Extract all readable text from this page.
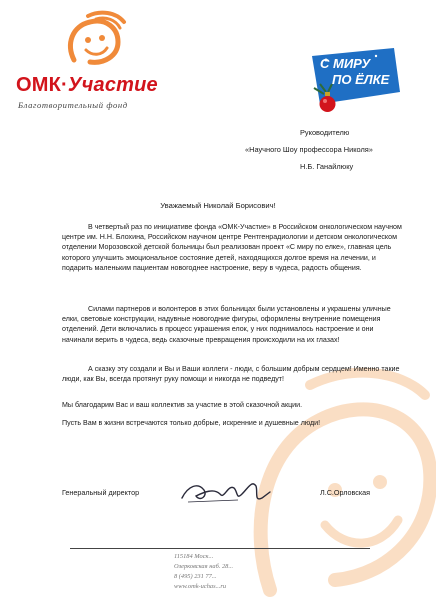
ОМК·Участие
Благотворительный фонд
С МИРУ
ПО ЁЛКЕ
Руководителю
«Научного Шоу профессора Николя»
Н.Б. Ганайлюку
Уважаемый Николай Борисович!

В четвертый раз по инициативе фонда «ОМК-Участие» в Российском онкологическом научном центре им. Н.Н. Блохина, Российском научном центре Рентгенрадиологии и детском онкологическом отделении Морозовской детской больницы был реализован проект «С миру по елке», главная цель которого улучшить эмоциональное состояние детей, находящихся долгое время на лечении, и подарить маленьким пациентам новогоднее настроение, веру в чудеса, радость общения.

Силами партнеров и волонтеров в этих больницах были установлены и украшены уличные елки, световые конструкции, надувные новогодние фигуры, оформлены внутренние помещения отделений. Дети включались в процесс украшения елок, у них поднималось настроение и они начинали верить в чудеса, ведь сказочные превращения происходили на их глазах!

А сказку эту создали и Вы и Ваши коллеги - люди, с большим добрым сердцем! Именно такие люди, как Вы, всегда протянут руку помощи и никогда не подведут!

Мы благодарим Вас и ваш коллектив за участие в этой сказочной акции.

Пусть Вам в жизни встречаются только добрые, искренние и душевные люди!

Генеральный директор	Л.С.Орловская
115184 Моск...
Озерковская наб. 28...
8 (495) 231 77...
www.omk-uchas...ru
